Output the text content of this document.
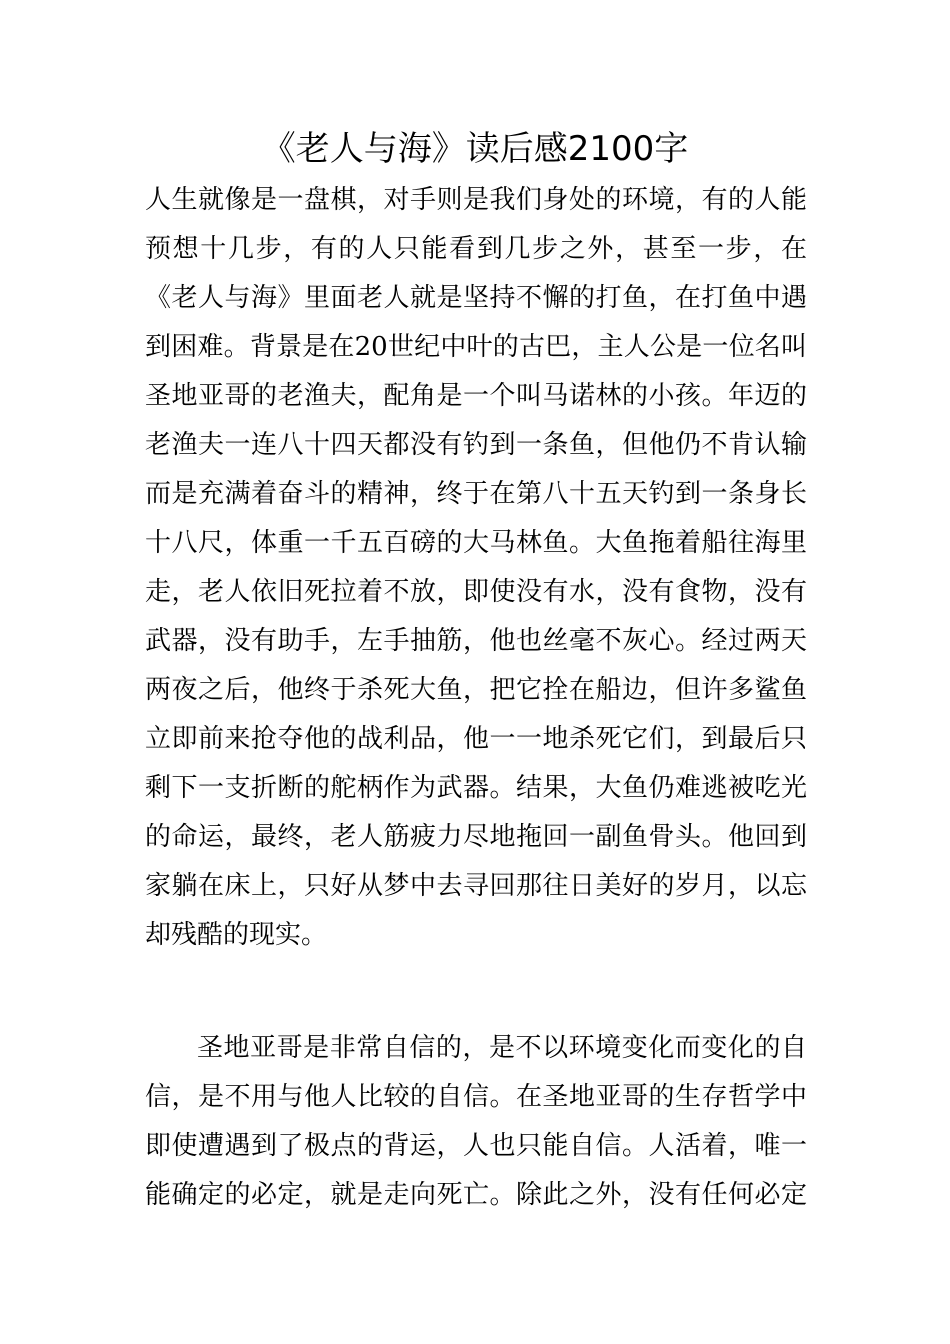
《老人与海》读后感2100字
人生就像是一盘棋，对手则是我们身处的环境，有的人能
预想十几步，有的人只能看到几步之外，甚至一步，在
《老人与海》里面老人就是坚持不懈的打鱼，在打鱼中遇
到困难。背景是在20世纪中叶的古巴，主人公是一位名叫
圣地亚哥的老渔夫，配角是一个叫马诺林的小孩。年迈的
老渔夫一连八十四天都没有钓到一条鱼，但他仍不肯认输
而是充满着奋斗的精神，终于在第八十五天钓到一条身长
十八尺，体重一千五百磅的大马林鱼。大鱼拖着船往海里
走，老人依旧死拉着不放，即使没有水，没有食物，没有
武器，没有助手，左手抽筋，他也丝毫不灰心。经过两天
两夜之后，他终于杀死大鱼，把它拴在船边，但许多鲨鱼
立即前来抢夺他的战利品，他一一地杀死它们，到最后只
剩下一支折断的舵柄作为武器。结果，大鱼仍难逃被吃光
的命运，最终，老人筋疲力尽地拖回一副鱼骨头。他回到
家躺在床上，只好从梦中去寻回那往日美好的岁月，以忘
却残酷的现实。
圣地亚哥是非常自信的，是不以环境变化而变化的自
信，是不用与他人比较的自信。在圣地亚哥的生存哲学中
即使遭遇到了极点的背运，人也只能自信。人活着，唯一
能确定的必定，就是走向死亡。除此之外，没有任何必定
